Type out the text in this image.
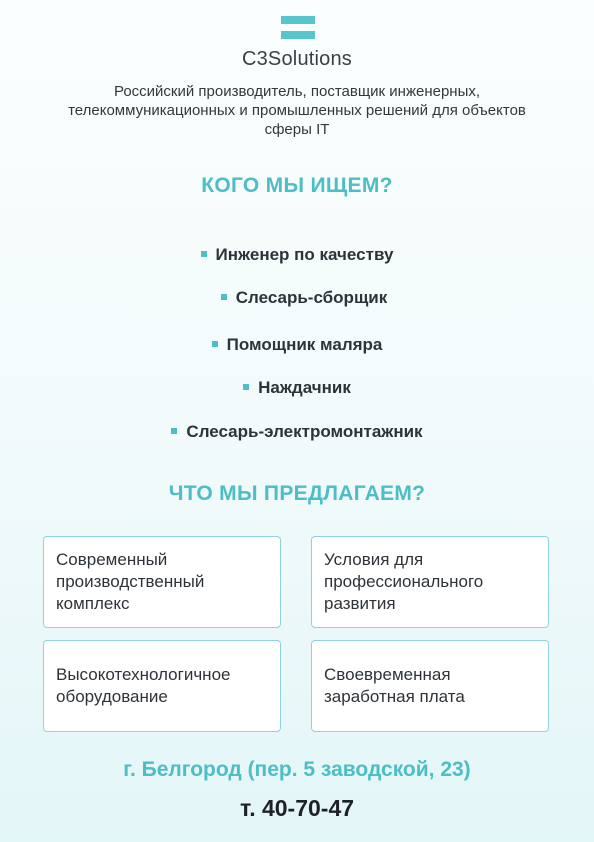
C3Solutions
Российский производитель, поставщик инженерных, телекоммуникационных и промышленных решений для объектов сферы IT
КОГО МЫ ИЩЕМ?
Инженер по качеству
Слесарь-сборщик
Помощник маляра
Наждачник
Слесарь-электромонтажник
ЧТО МЫ ПРЕДЛАГАЕМ?
Современный производственный комплекс
Условия для профессионального развития
Высокотехнологичное оборудование
Своевременная заработная плата
г. Белгород (пер. 5 заводской, 23)
т. 40-70-47
